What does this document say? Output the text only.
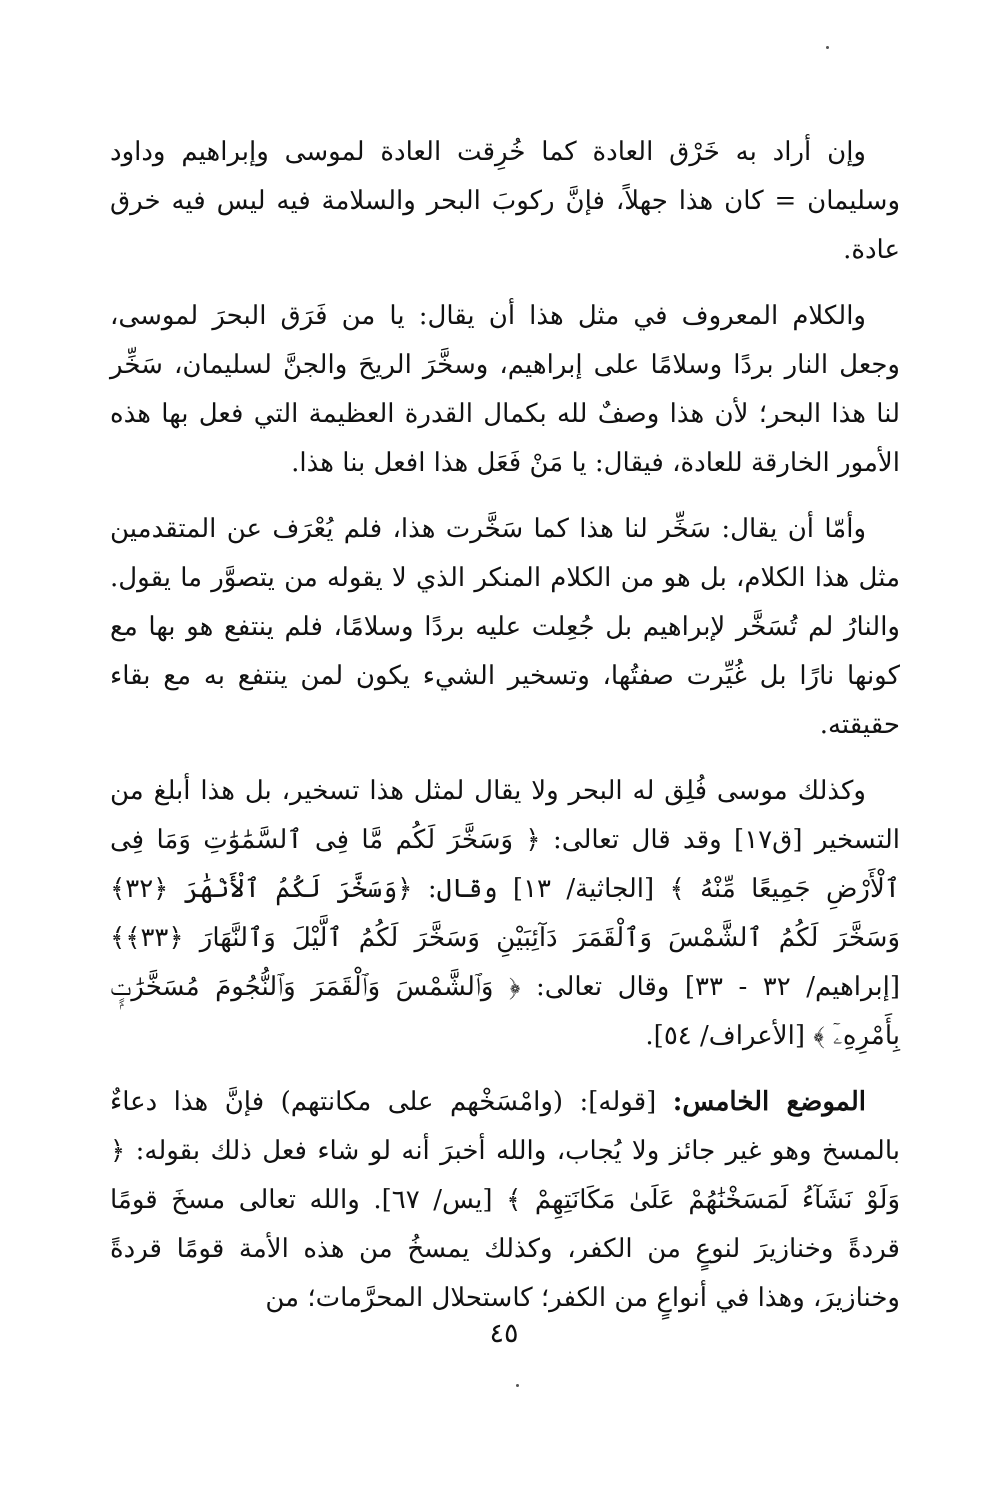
وإن أراد به خَرْق العادة كما خُرِقت العادة لموسى وإبراهيم وداود وسليمان = كان هذا جهلاً، فإنَّ ركوبَ البحر والسلامة فيه ليس فيه خرق عادة.

والكلام المعروف في مثل هذا أن يقال: يا من فَرَق البحرَ لموسى، وجعل النار بردًا وسلامًا على إبراهيم، وسخَّرَ الريحَ والجنَّ لسليمان، سَخِّر لنا هذا البحر؛ لأن هذا وصفٌ لله بكمال القدرة العظيمة التي فعل بها هذه الأمور الخارقة للعادة، فيقال: يا مَنْ فَعَل هذا افعل بنا هذا.

وأمّا أن يقال: سَخِّر لنا هذا كما سَخَّرت هذا، فلم يُعْرَف عن المتقدمين مثل هذا الكلام، بل هو من الكلام المنكر الذي لا يقوله من يتصوَّر ما يقول. والنارُ لم تُسَخَّر لإبراهيم بل جُعِلت عليه بردًا وسلامًا، فلم ينتفع هو بها مع كونها نارًا بل غُيِّرت صفتُها، وتسخير الشيء يكون لمن ينتفع به مع بقاء حقيقته.

وكذلك موسى فُلِق له البحر ولا يقال لمثل هذا تسخير، بل هذا أبلغ من التسخير [ق١٧] وقد قال تعالى: ﴿ وَسَخَّرَ لَكُم مَّا فِى ٱلسَّمَٰوَٰتِ وَمَا فِى ٱلْأَرْضِ جَمِيعًا مِّنْهُ ﴾ [الجاثية/ ١٣] وقال: ﴿وَسَخَّرَ لَكُمُ ٱلْأَنْهَٰرَ ﴿٣٢﴾ وَسَخَّرَ لَكُمُ ٱلشَّمْسَ وَٱلْقَمَرَ دَآئِبَيْنِ وَسَخَّرَ لَكُمُ ٱلَّيْلَ وَٱلنَّهَارَ ﴿٣٣﴾﴾ [إبراهيم/ ٣٢ - ٣٣] وقال تعالى: ﴿ وَٱلشَّمْسَ وَٱلْقَمَرَ وَٱلنُّجُومَ مُسَخَّرَٰتٍۭ بِأَمْرِهِۦٓ ﴾ [الأعراف/ ٥٤].

الموضع الخامس: [قوله]: (وامْسَخْهم على مكانتهم) فإنَّ هذا دعاءٌ بالمسخ وهو غير جائز ولا يُجاب، والله أخبرَ أنه لو شاء فعل ذلك بقوله: ﴿ وَلَوْ نَشَآءُ لَمَسَخْنَٰهُمْ عَلَىٰ مَكَانَتِهِمْ ﴾ [يس/ ٦٧]. والله تعالى مسخَ قومًا قردةً وخنازيرَ لنوعٍ من الكفر، وكذلك يمسخُ من هذه الأمة قومًا قردةً وخنازيرَ، وهذا في أنواعٍ من الكفر؛ كاستحلال المحرَّمات؛ من

٤٥
